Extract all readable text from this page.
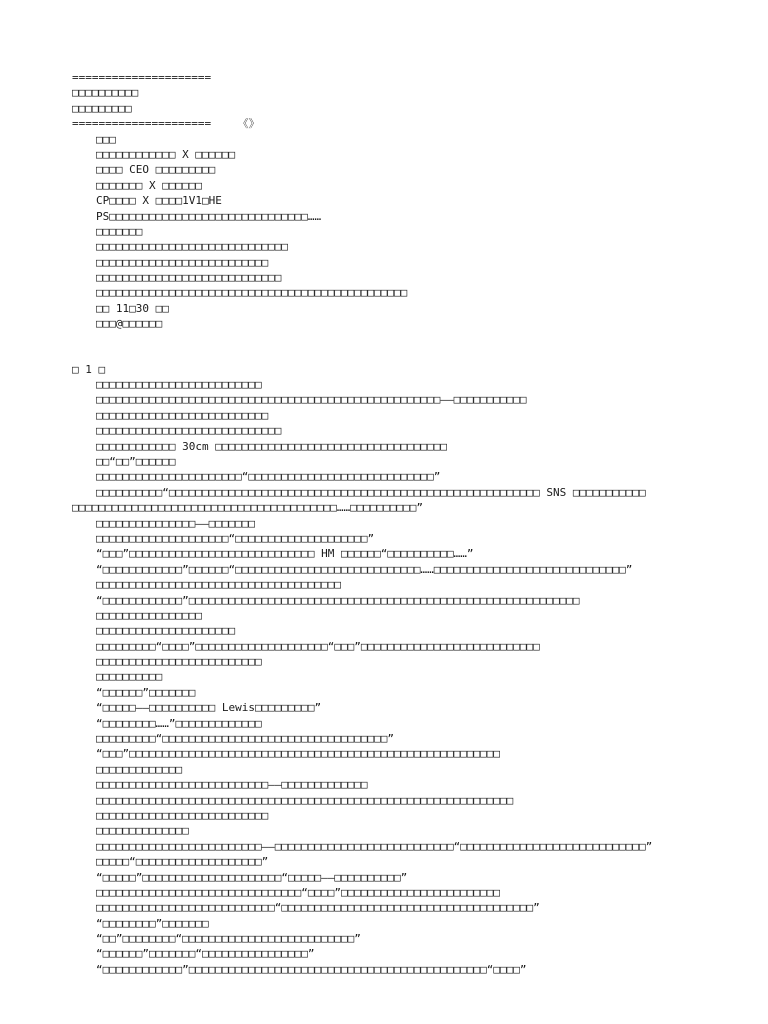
=====================
□□□□□□□□□□
□□□□□□□□□
=====================    《》
□□□
□□□□□□□□□□□□ X □□□□□□
□□□□ CEO □□□□□□□□□
□□□□□□□ X □□□□□□
CP□□□□ X □□□□1V1□HE
PS□□□□□□□□□□□□□□□□□□□□□□□□□□□□□□……
□□□□□□□
□□□□□□□□□□□□□□□□□□□□□□□□□□□□□
□□□□□□□□□□□□□□□□□□□□□□□□□□
□□□□□□□□□□□□□□□□□□□□□□□□□□□□
□□□□□□□□□□□□□□□□□□□□□□□□□□□□□□□□□□□□□□□□□□□□□□□
□□ 11□30 □□
□□□@□□□□□□
□ 1 □
□□□□□□□□□□□□□□□□□□□□□□□□□
□□□□□□□□□□□□□□□□□□□□□□□□□□□□□□□□□□□□□□□□□□□□□□□□□□□□——□□□□□□□□□□□
□□□□□□□□□□□□□□□□□□□□□□□□□□
□□□□□□□□□□□□□□□□□□□□□□□□□□□□
□□□□□□□□□□□□ 30cm □□□□□□□□□□□□□□□□□□□□□□□□□□□□□□□□□□□
□□“□□”□□□□□□
□□□□□□□□□□□□□□□□□□□□□□“□□□□□□□□□□□□□□□□□□□□□□□□□□□□”
□□□□□□□□□□“□□□□□□□□□□□□□□□□□□□□□□□□□□□□□□□□□□□□□□□□□□□□□□□□□□□□□□□□ SNS □□□□□□□□□□□
□□□□□□□□□□□□□□□□□□□□□□□□□□□□□□□□□□□□□□□□……□□□□□□□□□□”
□□□□□□□□□□□□□□□——□□□□□□□
□□□□□□□□□□□□□□□□□□□□“□□□□□□□□□□□□□□□□□□□□”
“□□□”□□□□□□□□□□□□□□□□□□□□□□□□□□□□ HM □□□□□□“□□□□□□□□□□……”
“□□□□□□□□□□□□”□□□□□□“□□□□□□□□□□□□□□□□□□□□□□□□□□□□……□□□□□□□□□□□□□□□□□□□□□□□□□□□□□”
□□□□□□□□□□□□□□□□□□□□□□□□□□□□□□□□□□□□□
“□□□□□□□□□□□□”□□□□□□□□□□□□□□□□□□□□□□□□□□□□□□□□□□□□□□□□□□□□□□□□□□□□□□□□□□□
□□□□□□□□□□□□□□□□
□□□□□□□□□□□□□□□□□□□□□
□□□□□□□□□“□□□□”□□□□□□□□□□□□□□□□□□□□“□□□”□□□□□□□□□□□□□□□□□□□□□□□□□□□
□□□□□□□□□□□□□□□□□□□□□□□□□
□□□□□□□□□□
“□□□□□□”□□□□□□□
“□□□□□——□□□□□□□□□□ Lewis□□□□□□□□□”
“□□□□□□□□……”□□□□□□□□□□□□□
□□□□□□□□□“□□□□□□□□□□□□□□□□□□□□□□□□□□□□□□□□□□”
“□□□”□□□□□□□□□□□□□□□□□□□□□□□□□□□□□□□□□□□□□□□□□□□□□□□□□□□□□□□□
□□□□□□□□□□□□□
□□□□□□□□□□□□□□□□□□□□□□□□□□——□□□□□□□□□□□□□
□□□□□□□□□□□□□□□□□□□□□□□□□□□□□□□□□□□□□□□□□□□□□□□□□□□□□□□□□□□□□□□
□□□□□□□□□□□□□□□□□□□□□□□□□□
□□□□□□□□□□□□□□
□□□□□□□□□□□□□□□□□□□□□□□□□——□□□□□□□□□□□□□□□□□□□□□□□□□□□“□□□□□□□□□□□□□□□□□□□□□□□□□□□□”
□□□□□“□□□□□□□□□□□□□□□□□□□”
“□□□□□”□□□□□□□□□□□□□□□□□□□□□“□□□□□——□□□□□□□□□□”
□□□□□□□□□□□□□□□□□□□□□□□□□□□□□□□“□□□□”□□□□□□□□□□□□□□□□□□□□□□□□
□□□□□□□□□□□□□□□□□□□□□□□□□□□“□□□□□□□□□□□□□□□□□□□□□□□□□□□□□□□□□□□□□□”
“□□□□□□□□”□□□□□□□
“□□”□□□□□□□□“□□□□□□□□□□□□□□□□□□□□□□□□□□”
“□□□□□□”□□□□□□□“□□□□□□□□□□□□□□□□”
“□□□□□□□□□□□□”□□□□□□□□□□□□□□□□□□□□□□□□□□□□□□□□□□□□□□□□□□□□□“□□□□”
